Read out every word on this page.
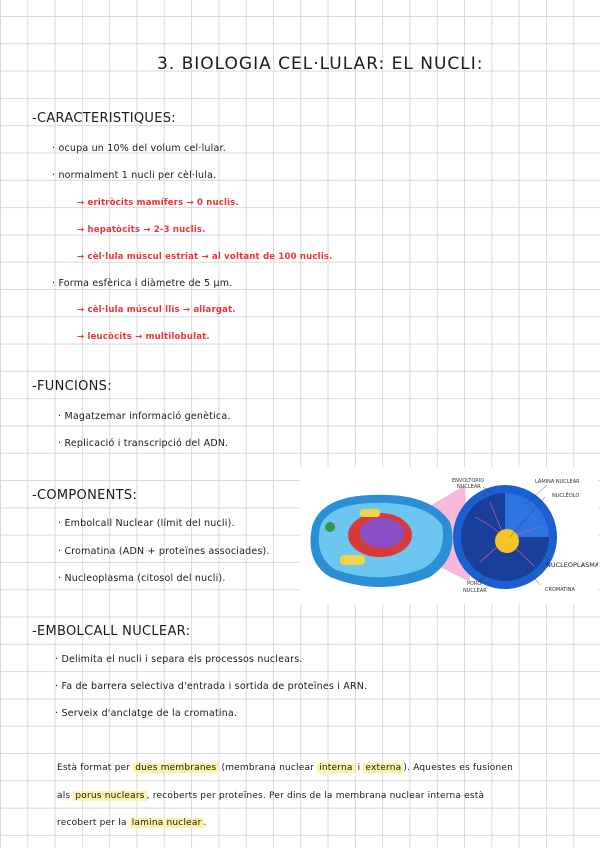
3. BIOLOGIA CEL·LULAR: EL NUCLI:
-CARACTERISTIQUES:
· ocupa un 10% del volum cel·lular.
· normalment 1 nucli per cèl·lula.
→ eritròcits mamífers → 0 nuclis.
→ hepatòcits → 2-3 nuclis.
→ cèl·lula múscul estriat → al voltant de 100 nuclis.
· Forma esfèrica i diàmetre de 5 µm.
→ cèl·lula múscul llis → allargat.
→ leucòcits → multilobulat.
-FUNCIONS:
· Magatzemar informació genètica.
· Replicació i transcripció del ADN.
-COMPONENTS:
· Embolcall Nuclear (límit del nucli).
· Cromatina (ADN + proteïnes associades).
· Nucleoplasma (citosol del nucli).
ENVOLTORIO
NUCLEAR
LÁMINA NUCLEAR
NUCLÉOLO
NUCLEOPLASMA
PORO
NUCLEAR	CROMATINA
-EMBOLCALL NUCLEAR:
· Delimita el nucli i separa els processos nuclears.
· Fa de barrera selectiva d'entrada i sortida de proteïnes i ARN.
· Serveix d'anclatge de la cromatina.
Està format per dues membranes (membrana nuclear interna i externa ). Aquestes es fusionen
als porus nuclears , recoberts per proteïnes. Per dins de la membrana nuclear interna està
recobert per la lamina nuclear .
